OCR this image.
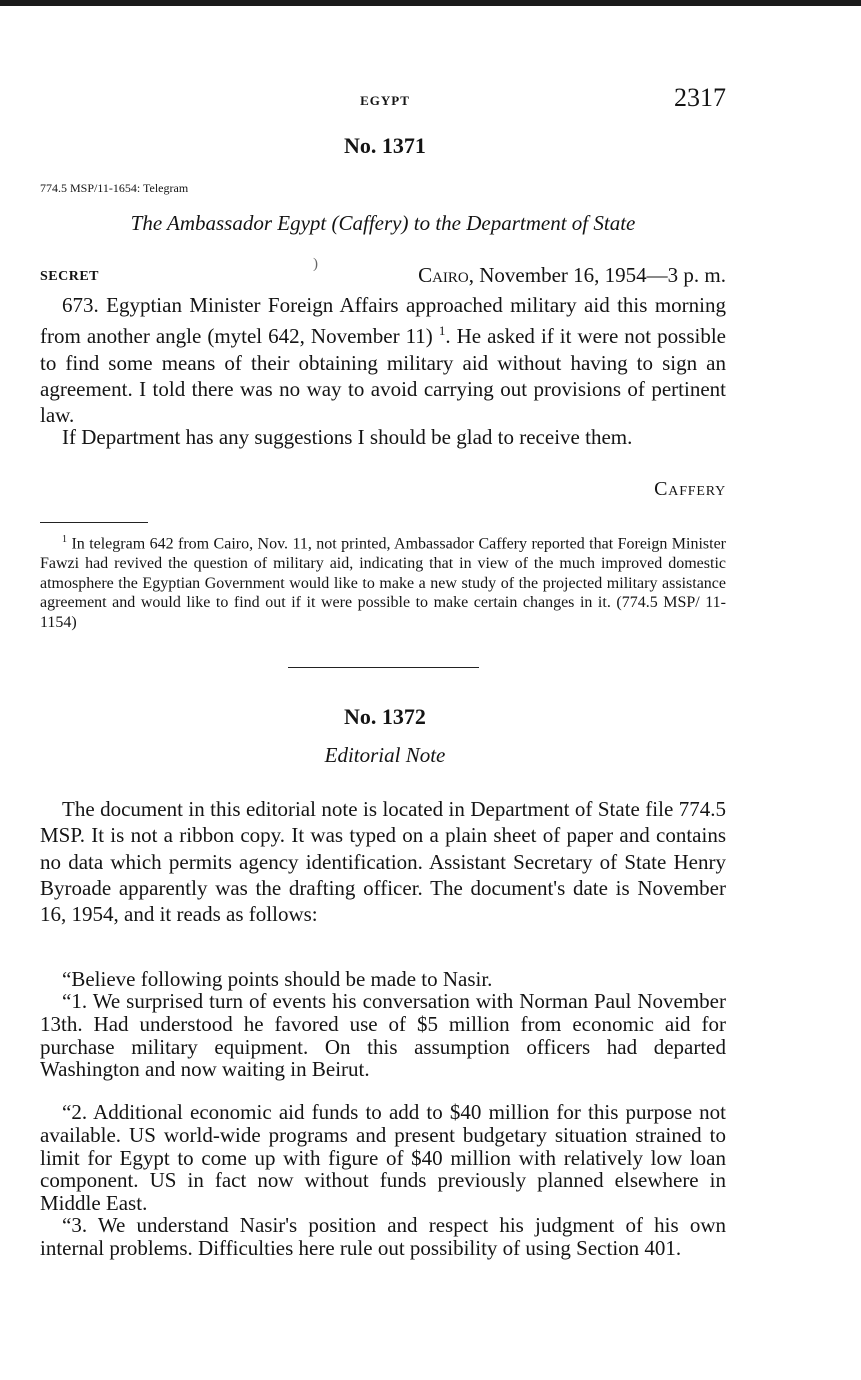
EGYPT	2317
No. 1371
774.5 MSP/11-1654: Telegram
The Ambassador Egypt (Caffery) to the Department of State
)
SECRET	Cairo, November 16, 1954—3 p. m.

673. Egyptian Minister Foreign Affairs approached military aid this morning from another angle (mytel 642, November 11) $^1$. He asked if it were not possible to find some means of their obtaining military aid without having to sign an agreement. I told there was no way to avoid carrying out provisions of pertinent law.

If Department has any suggestions I should be glad to receive them.

Caffery

$^1$ In telegram 642 from Cairo, Nov. 11, not printed, Ambassador Caffery reported that Foreign Minister Fawzi had revived the question of military aid, indicating that in view of the much improved domestic atmosphere the Egyptian Government would like to make a new study of the projected military assistance agreement and would like to find out if it were possible to make certain changes in it. (774.5 MSP/ 11-1154)

No. 1372
Editorial Note

The document in this editorial note is located in Department of State file 774.5 MSP. It is not a ribbon copy. It was typed on a plain sheet of paper and contains no data which permits agency identification. Assistant Secretary of State Henry Byroade apparently was the drafting officer. The document's date is November 16, 1954, and it reads as follows:

“Believe following points should be made to Nasir.

“1. We surprised turn of events his conversation with Norman Paul November 13th. Had understood he favored use of $5 million from economic aid for purchase military equipment. On this assumption officers had departed Washington and now waiting in Beirut.

“2. Additional economic aid funds to add to $40 million for this purpose not available. US world-wide programs and present budgetary situation strained to limit for Egypt to come up with figure of $40 million with relatively low loan component. US in fact now without funds previously planned elsewhere in Middle East.

“3. We understand Nasir's position and respect his judgment of his own internal problems. Difficulties here rule out possibility of using Section 401.
